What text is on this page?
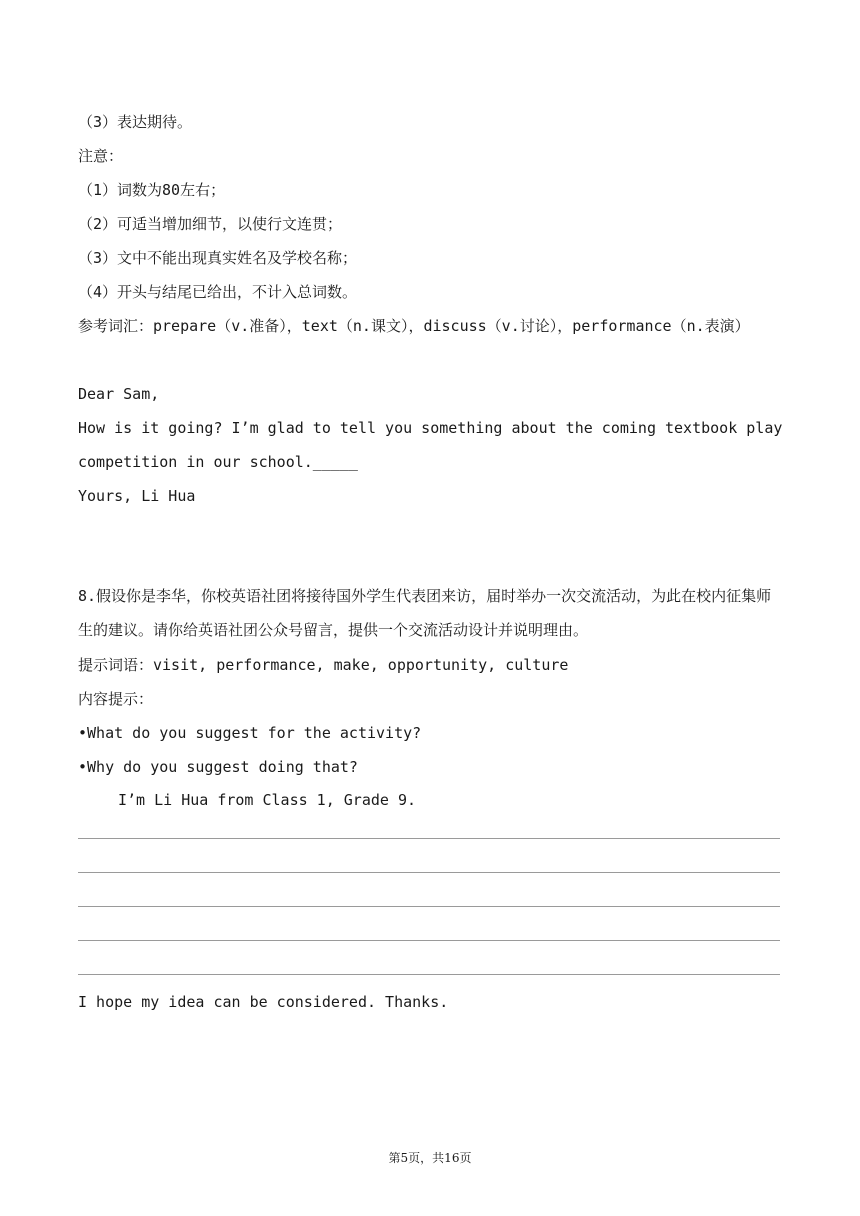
（3）表达期待。
注意：
（1）词数为80左右；
（2）可适当增加细节，以使行文连贯；
（3）文中不能出现真实姓名及学校名称；
（4）开头与结尾已给出，不计入总词数。
参考词汇：prepare（v.准备），text（n.课文），discuss（v.讨论），performance（n.表演）
Dear Sam,
How is it going? I’m glad to tell you something about the coming textbook play
competition in our school._____
Yours, Li Hua
8.假设你是李华，你校英语社团将接待国外学生代表团来访，届时举办一次交流活动，为此在校内征集师生的建议。请你给英语社团公众号留言，提供一个交流活动设计并说明理由。
提示词语：visit, performance, make, opportunity, culture
内容提示：
•What do you suggest for the activity?
•Why do you suggest doing that?
I’m Li Hua from Class 1, Grade 9.
I hope my idea can be considered. Thanks.
第5页，共16页
